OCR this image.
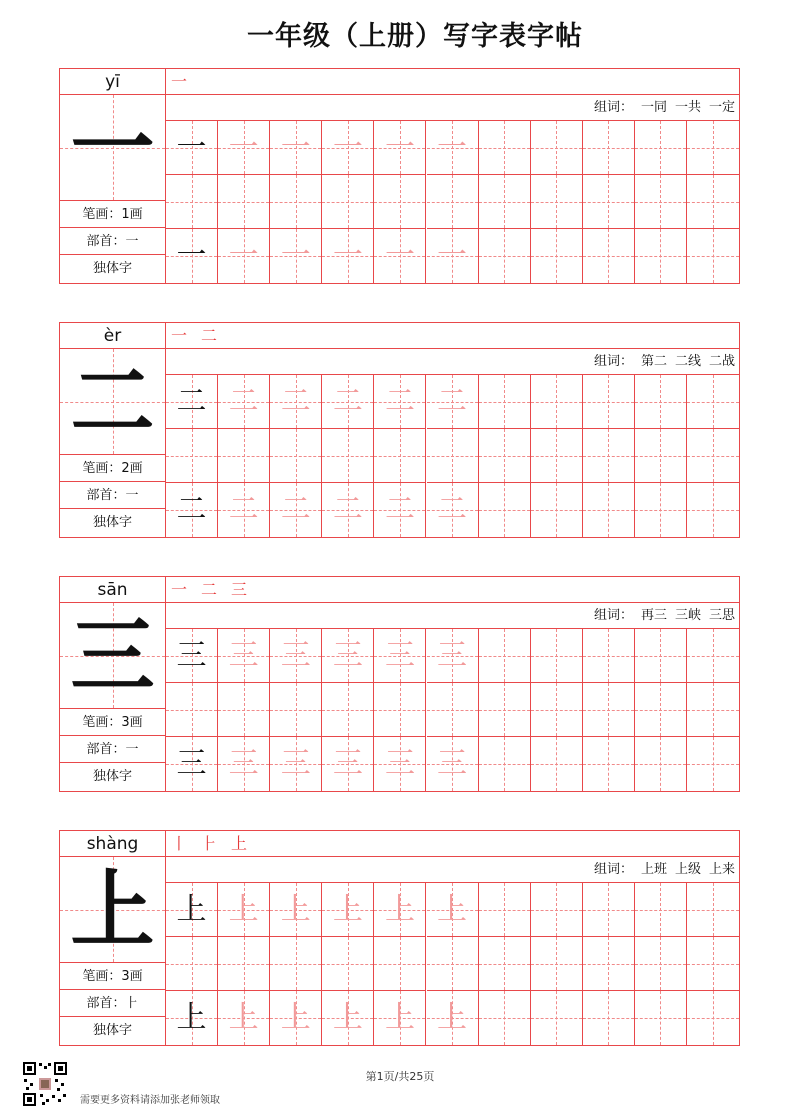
一年级（上册）写字表字帖
yī
一
笔画：1画
部首：一
独体字
一
组词： 一同 一共 一定
一 一 一 一 一 一
一 一 一 一 一 一
èr
二
笔画：2画
部首：一
独体字
一 二
组词： 第二 二线 二战
二 二 二 二 二 二
二 二 二 二 二 二
sān
三
笔画：3画
部首：一
独体字
一 二 三
组词： 再三 三峡 三思
三 三 三 三 三 三
三 三 三 三 三 三
shàng
上
笔画：3画
部首：⺊
独体字
丨 ⺊ 上
组词： 上班 上级 上来
上 上 上 上 上 上
上 上 上 上 上 上
第1页/共25页
需要更多资料请添加张老师领取
